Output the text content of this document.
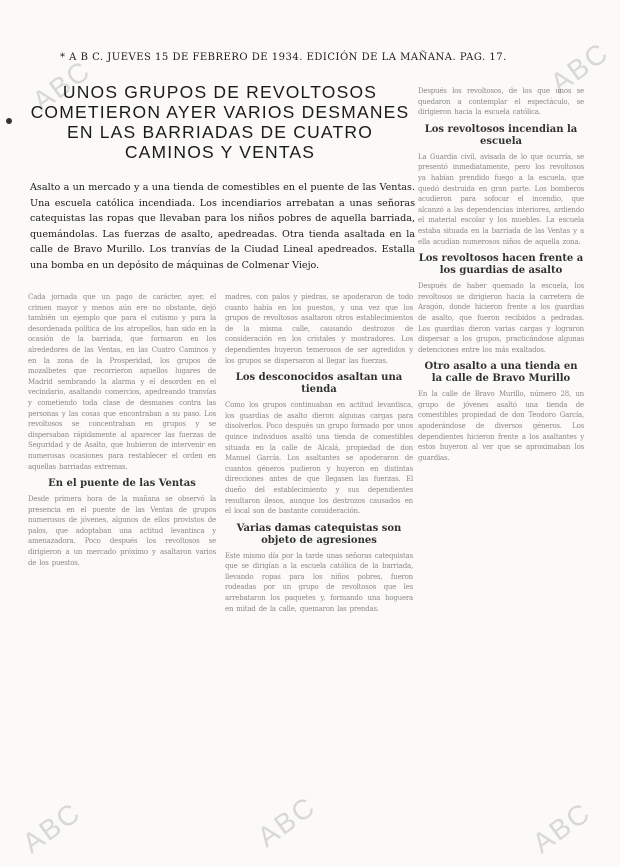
ABC	ABC
ABC	ABC	ABC
* A B C. JUEVES 15 DE FEBRERO DE 1934. EDICIÓN DE LA MAÑANA. PAG. 17.
UNOS GRUPOS DE REVOLTOSOS COMETIERON AYER VARIOS DESMANES EN LAS BARRIADAS DE CUATRO CAMINOS Y VENTAS
Asalto a un mercado y a una tienda de comestibles en el puente de las Ventas. Una escuela católica incendiada. Los incendiarios arrebatan a unas señoras catequistas las ropas que llevaban para los niños pobres de aquella barriada, quemándolas. Las fuerzas de asalto, apedreadas. Otra tienda asaltada en la calle de Bravo Murillo. Los tranvías de la Ciudad Lineal apedreados. Estalla una bomba en un depósito de máquinas de Colmenar Viejo.
Cada jornada que un pago de carácter, ayer, el crimen mayor y menos aún ere no obstante, dejó también un ejemplo que para el cutismo y para la desordenada política de los atropellos, han sido en la ocasión de la barriada, que formaron en los alrededores de las Ventas, en las Cuatro Caminos y en la zona de la Prosperidad, los grupos de mozalbetes que recorrieron aquellos lugares de Madrid sembrando la alarma y el desorden en el vecindario, asaltando comercios, apedreando tranvías y cometiendo toda clase de desmanes contra las personas y las cosas que encontraban a su paso. Los revoltosos se concentraban en grupos y se dispersaban rápidamente al aparecer las fuerzas de Seguridad y de Asalto, que hubieron de intervenir en numerosas ocasiones para restablecer el orden en aquellas barriadas extremas.
En el puente de las Ventas
Desde primera hora de la mañana se observó la presencia en el puente de las Ventas de grupos numerosos de jóvenes, algunos de ellos provistos de palos, que adoptaban una actitud levantisca y amenazadora. Poco después los revoltosos se dirigieron a un mercado próximo y asaltaron varios de los puestos.
madres, con palos y piedras, se apoderaron de todo cuanto había en los puestos, y una vez que los grupos de revoltosos asaltaron otros establecimientos de la misma calle, causando destrozos de consideración en los cristales y mostradores. Los dependientes huyeron temerosos de ser agredidos y los grupos se dispersaron al llegar las fuerzas.
Los desconocidos asaltan una tienda
Como los grupos continuaban en actitud levantisca, los guardias de asalto dieron algunas cargas para disolverlos. Poco después un grupo formado por unos quince individuos asaltó una tienda de comestibles situada en la calle de Alcalá, propiedad de don Manuel García. Los asaltantes se apoderaron de cuantos géneros pudieron y huyeron en distintas direcciones antes de que llegasen las fuerzas. El dueño del establecimiento y sus dependientes resultaron ilesos, aunque los destrozos causados en el local son de bastante consideración.
Varias damas catequistas son objeto de agresiones
Este mismo día por la tarde unas señoras catequistas que se dirigían a la escuela católica de la barriada, llevando ropas para los niños pobres, fueron rodeadas por un grupo de revoltosos que les arrebataron los paquetes y, formando una hoguera en mitad de la calle, quemaron las prendas.
Después los revoltosos, de los que unos se quedaron a contemplar el espectáculo, se dirigieron hacia la escuela católica.
Los revoltosos incendian la escuela
La Guardia civil, avisada de lo que ocurría, se presentó inmediatamente, pero los revoltosos ya habían prendido fuego a la escuela, que quedó destruida en gran parte. Los bomberos acudieron para sofocar el incendio, que alcanzó a las dependencias interiores, ardiendo el material escolar y los muebles. La escuela estaba situada en la barriada de las Ventas y a ella acudían numerosos niños de aquella zona.
Los revoltosos hacen frente a los guardias de asalto
Después de haber quemado la escuela, los revoltosos se dirigieron hacia la carretera de Aragón, donde hicieron frente a los guardias de asalto, que fueron recibidos a pedradas. Los guardias dieron varias cargas y lograron dispersar a los grupos, practicándose algunas detenciones entre los más exaltados.
Otro asalto a una tienda en la calle de Bravo Murillo
En la calle de Bravo Murillo, número 28, un grupo de jóvenes asaltó una tienda de comestibles propiedad de don Teodoro García, apoderándose de diversos géneros. Los dependientes hicieron frente a los asaltantes y estos huyeron al ver que se aproximaban los guardias.
